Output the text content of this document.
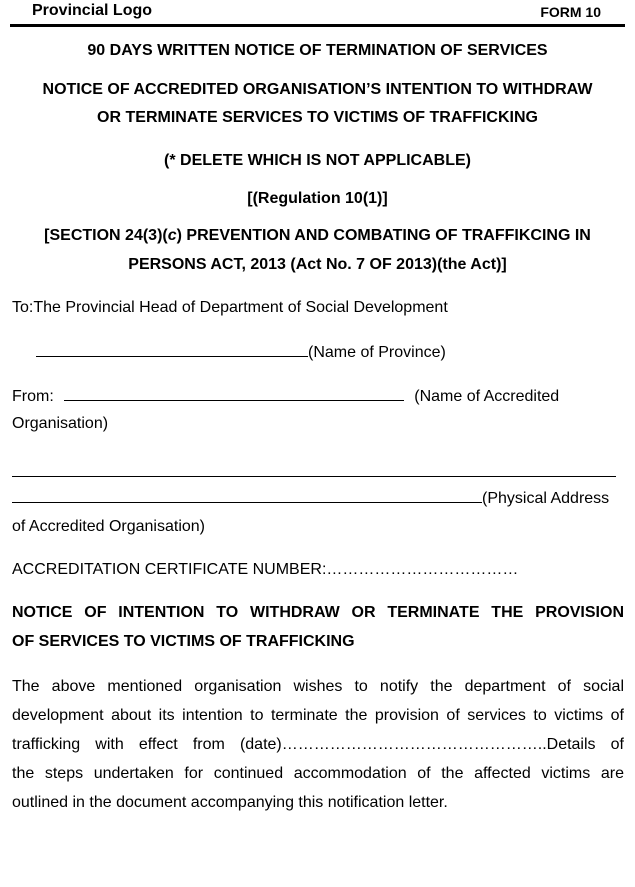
Provincial Logo	FORM 10
90 DAYS WRITTEN NOTICE OF TERMINATION OF SERVICES
NOTICE OF ACCREDITED ORGANISATION’S INTENTION TO WITHDRAW
OR TERMINATE SERVICES TO VICTIMS OF TRAFFICKING
(* DELETE WHICH IS NOT APPLICABLE)
[(Regulation 10(1)]
[SECTION 24(3)(c) PREVENTION AND COMBATING OF TRAFFIKCING IN
PERSONS ACT, 2013 (Act No. 7 OF 2013)(the Act)]
To:The Provincial Head of Department of Social Development
(Name of Province)
From:	(Name of Accredited
Organisation)
(Physical Address
of Accredited Organisation)
ACCREDITATION CERTIFICATE NUMBER:………………………………
NOTICE OF INTENTION TO WITHDRAW OR TERMINATE THE PROVISION
OF SERVICES TO VICTIMS OF TRAFFICKING
The above mentioned organisation wishes to notify the department of social
development about its intention to terminate the provision of services to victims of
trafficking with effect from (date)…………………………………………..Details of
the steps undertaken for continued accommodation of the affected victims are
outlined in the document accompanying this notification letter.
